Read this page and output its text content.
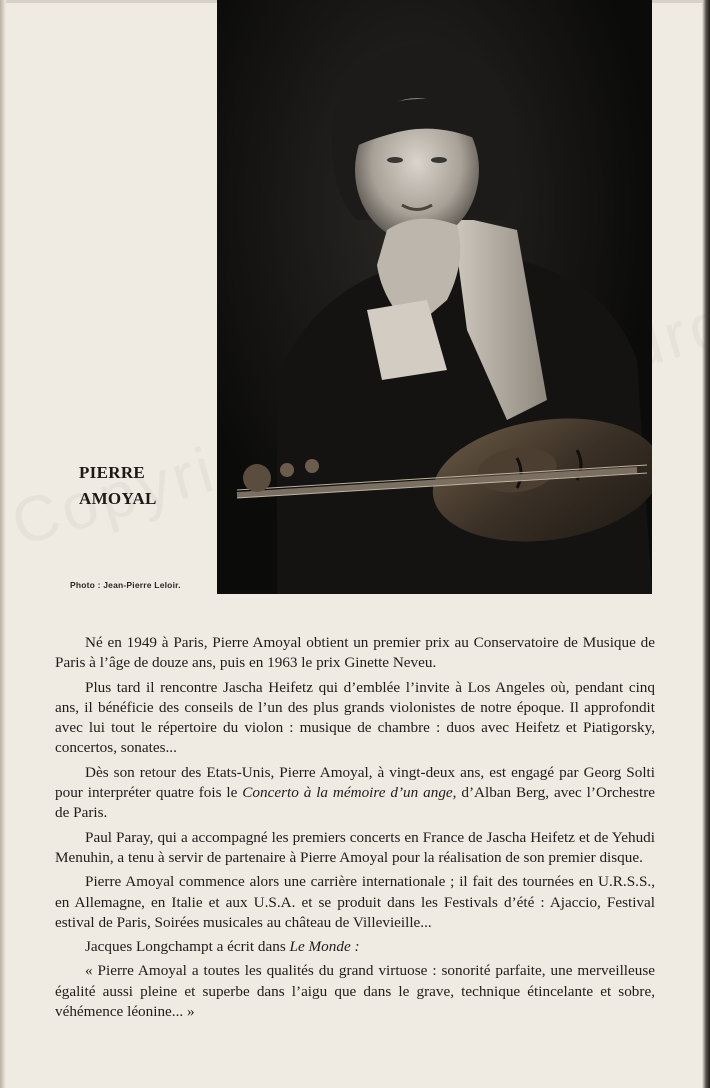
Copyright droits
PIERRE
AMOYAL
Photo : Jean-Pierre Leloir.

Né en 1949 à Paris, Pierre Amoyal obtient un premier prix au Conservatoire de Musique de Paris à l’âge de douze ans, puis en 1963 le prix Ginette Neveu.

Plus tard il rencontre Jascha Heifetz qui d’emblée l’invite à Los Angeles où, pendant cinq ans, il bénéficie des conseils de l’un des plus grands violonistes de notre époque. Il approfondit avec lui tout le répertoire du violon : musique de chambre : duos avec Heifetz et Piatigorsky, concertos, sonates...

Dès son retour des Etats-Unis, Pierre Amoyal, à vingt-deux ans, est engagé par Georg Solti pour interpréter quatre fois le Concerto à la mémoire d’un ange, d’Alban Berg, avec l’Orchestre de Paris.

Paul Paray, qui a accompagné les premiers concerts en France de Jascha Heifetz et de Yehudi Menuhin, a tenu à servir de partenaire à Pierre Amoyal pour la réalisation de son premier disque.

Pierre Amoyal commence alors une carrière internationale ; il fait des tournées en U.R.S.S., en Allemagne, en Italie et aux U.S.A. et se produit dans les Festivals d’été : Ajaccio, Festival estival de Paris, Soirées musicales au château de Villevieille...

Jacques Longchampt a écrit dans Le Monde :

« Pierre Amoyal a toutes les qualités du grand virtuose : sonorité parfaite, une merveilleuse égalité aussi pleine et superbe dans l’aigu que dans le grave, technique étincelante et sobre, véhémence léonine... »
